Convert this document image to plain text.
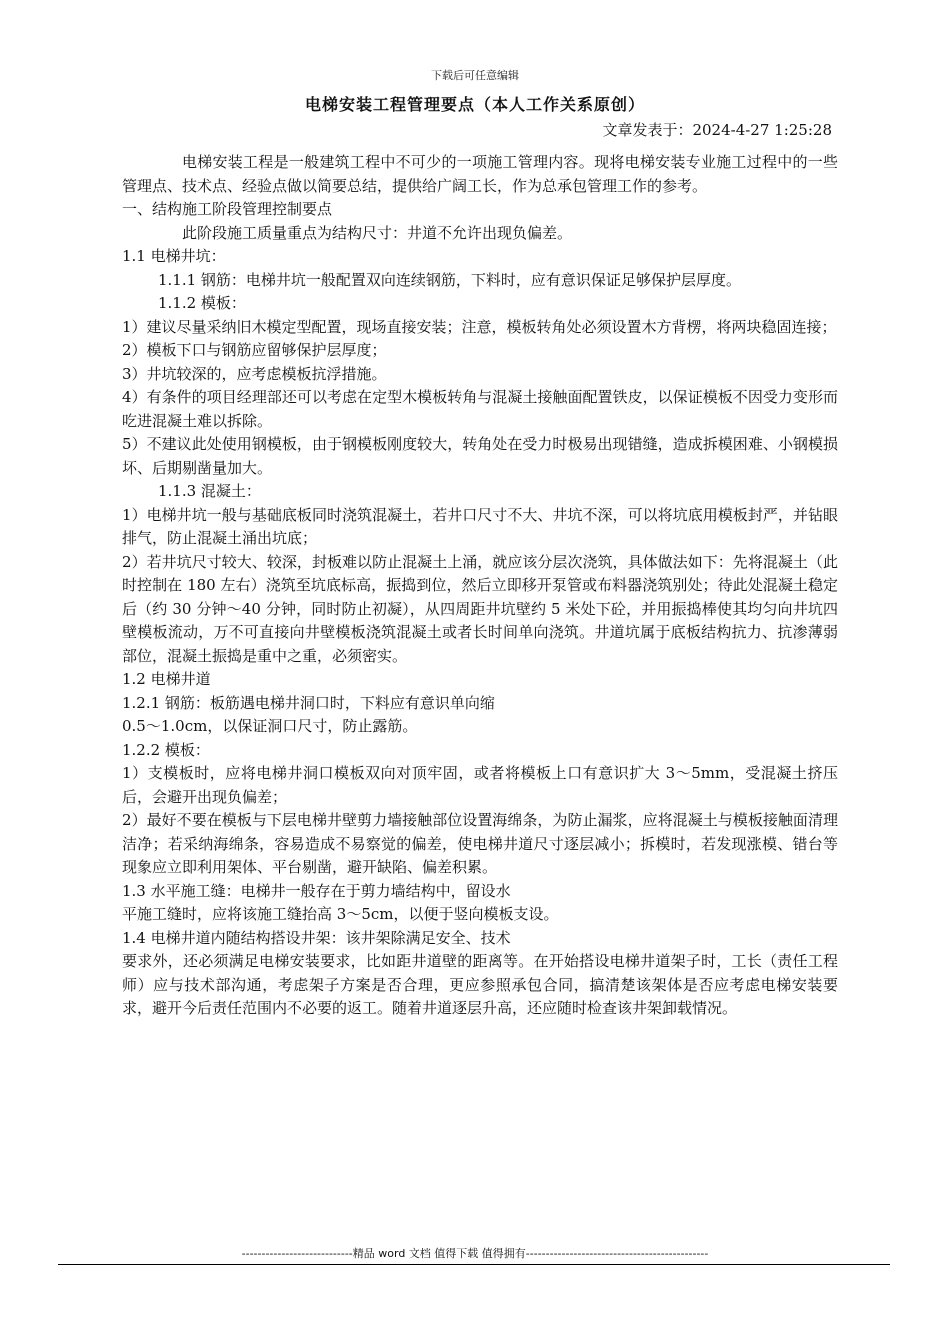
下载后可任意编辑
电梯安装工程管理要点（本人工作关系原创）
文章发表于：2024-4-27 1:25:28

电梯安装工程是一般建筑工程中不可少的一项施工管理内容。现将电梯安装专业施工过程中的一些管理点、技术点、经验点做以简要总结，提供给广阔工长，作为总承包管理工作的参考。

一、结构施工阶段管理控制要点

此阶段施工质量重点为结构尺寸：井道不允许出现负偏差。

1.1 电梯井坑：

1.1.1 钢筋：电梯井坑一般配置双向连续钢筋，下料时，应有意识保证足够保护层厚度。

1.1.2 模板：

1）建议尽量采纳旧木模定型配置，现场直接安装；注意，模板转角处必须设置木方背楞，将两块稳固连接；

2）模板下口与钢筋应留够保护层厚度；

3）井坑较深的，应考虑模板抗浮措施。

4）有条件的项目经理部还可以考虑在定型木模板转角与混凝土接触面配置铁皮，以保证模板不因受力变形而吃进混凝土难以拆除。

5）不建议此处使用钢模板，由于钢模板刚度较大，转角处在受力时极易出现错缝，造成拆模困难、小钢模损坏、后期剔凿量加大。

1.1.3 混凝土：

1）电梯井坑一般与基础底板同时浇筑混凝土，若井口尺寸不大、井坑不深，可以将坑底用模板封严，并钻眼排气，防止混凝土涌出坑底；

2）若井坑尺寸较大、较深，封板难以防止混凝土上涌，就应该分层次浇筑，具体做法如下：先将混凝土（此时控制在 180 左右）浇筑至坑底标高，振捣到位，然后立即移开泵管或布料器浇筑别处；待此处混凝土稳定后（约 30 分钟～40 分钟，同时防止初凝），从四周距井坑壁约 5 米处下砼，并用振捣棒使其均匀向井坑四壁模板流动，万不可直接向井壁模板浇筑混凝土或者长时间单向浇筑。井道坑属于底板结构抗力、抗渗薄弱部位，混凝土振捣是重中之重，必须密实。

1.2 电梯井道

1.2.1 钢筋：板筋遇电梯井洞口时，下料应有意识单向缩

0.5～1.0cm，以保证洞口尺寸，防止露筋。

1.2.2 模板：

1）支模板时，应将电梯井洞口模板双向对顶牢固，或者将模板上口有意识扩大 3～5mm，受混凝土挤压后，会避开出现负偏差；

2）最好不要在模板与下层电梯井壁剪力墙接触部位设置海绵条，为防止漏浆，应将混凝土与模板接触面清理洁净；若采纳海绵条，容易造成不易察觉的偏差，使电梯井道尺寸逐层减小；拆模时，若发现涨模、错台等现象应立即利用架体、平台剔凿，避开缺陷、偏差积累。

1.3 水平施工缝：电梯井一般存在于剪力墙结构中，留设水

平施工缝时，应将该施工缝抬高 3～5cm，以便于竖向模板支设。

1.4 电梯井道内随结构搭设井架：该井架除满足安全、技术

要求外，还必须满足电梯安装要求，比如距井道壁的距离等。在开始搭设电梯井道架子时，工长（责任工程师）应与技术部沟通，考虑架子方案是否合理，更应参照承包合同，搞清楚该架体是否应考虑电梯安装要求，避开今后责任范围内不必要的返工。随着井道逐层升高，还应随时检查该井架卸载情况。

----------------------------精品 word 文档 值得下载 值得拥有----------------------------------------------
